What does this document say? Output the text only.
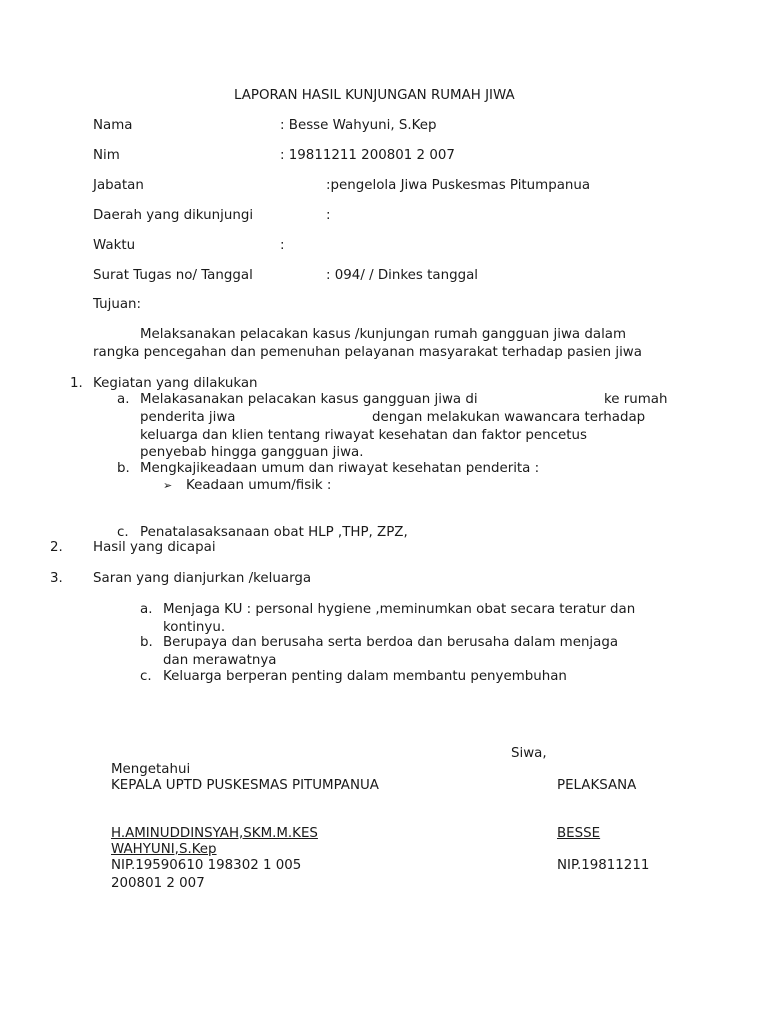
LAPORAN HASIL KUNJUNGAN RUMAH JIWA
Nama	: Besse Wahyuni, S.Kep
Nim	: 19811211 200801 2 007
Jabatan	:pengelola Jiwa Puskesmas Pitumpanua
Daerah yang dikunjungi	:
Waktu	:
Surat Tugas no/ Tanggal	: 094/ / Dinkes tanggal
Tujuan:
Melaksanakan pelacakan kasus /kunjungan rumah gangguan jiwa dalam
rangka pencegahan dan pemenuhan pelayanan masyarakat terhadap pasien jiwa
1. Kegiatan yang dilakukan
a. Melakasanakan pelacakan kasus gangguan jiwa di	ke rumah
penderita jiwa	dengan melakukan wawancara terhadap
keluarga dan klien tentang riwayat kesehatan dan faktor pencetus
penyebab hingga gangguan jiwa.
b. Mengkajikeadaan umum dan riwayat kesehatan penderita :
➢ Keadaan umum/fisik :
c. Penatalasaksanaan obat HLP ,THP, ZPZ,
2. Hasil yang dicapai
3. Saran yang dianjurkan /keluarga
a. Menjaga KU : personal hygiene ,meminumkan obat secara teratur dan
kontinyu.
b. Berupaya dan berusaha serta berdoa dan berusaha dalam menjaga
dan merawatnya
c. Keluarga berperan penting dalam membantu penyembuhan
Siwa,
Mengetahui
KEPALA UPTD PUSKESMAS PITUMPANUA	PELAKSANA
H.AMINUDDINSYAH,SKM.M.KES	BESSE
WAHYUNI,S.Kep
NIP.19590610 198302 1 005	NIP.19811211
200801 2 007
